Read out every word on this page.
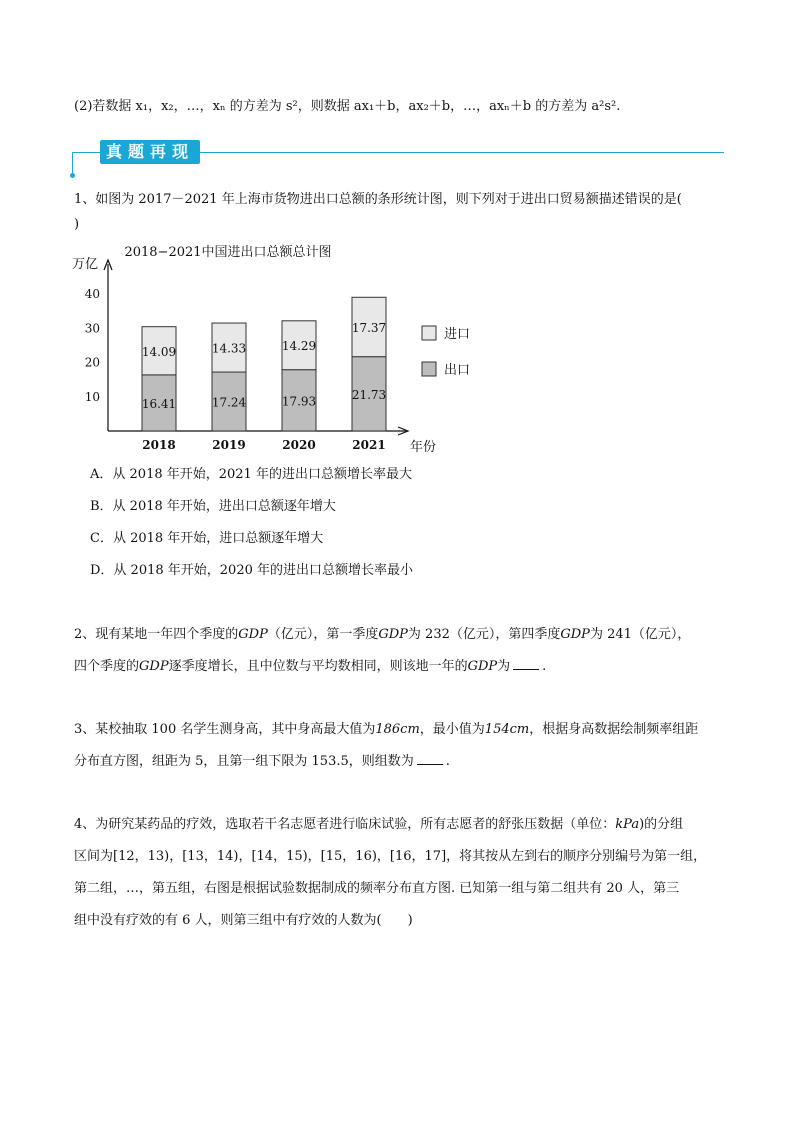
(2)若数据 x₁，x₂，…，xₙ 的方差为 s²，则数据 ax₁＋b，ax₂＋b，…，axₙ＋b 的方差为 a²s².
真题再现
1、如图为 2017－2021 年上海市货物进出口总额的条形统计图，则下列对于进出口贸易额描述错误的是(
)
2018−2021中国进出口总额总计图
万亿
10
20
30
40
16.41
14.09
17.24
14.33
17.93
14.29
21.73
17.37
2018	2019	2020	2021 年份
进口
出口
A．从 2018 年开始，2021 年的进出口总额增长率最大
B．从 2018 年开始，进出口总额逐年增大
C．从 2018 年开始，进口总额逐年增大
D．从 2018 年开始，2020 年的进出口总额增长率最小
2、现有某地一年四个季度的GDP（亿元），第一季度GDP为 232（亿元），第四季度GDP为 241（亿元），
四个季度的GDP逐季度增长，且中位数与平均数相同，则该地一年的GDP为 .
3、某校抽取 100 名学生测身高，其中身高最大值为186cm，最小值为154cm，根据身高数据绘制频率组距
分布直方图，组距为 5，且第一组下限为 153.5，则组数为 .
4、为研究某药品的疗效，选取若干名志愿者进行临床试验，所有志愿者的舒张压数据（单位：kPa)的分组
区间为[12，13)，[13，14)，[14，15)，[15，16)，[16，17]，将其按从左到右的顺序分别编号为第一组，
第二组，…，第五组，右图是根据试验数据制成的频率分布直方图. 已知第一组与第二组共有 20 人，第三
组中没有疗效的有 6 人，则第三组中有疗效的人数为(　　)
